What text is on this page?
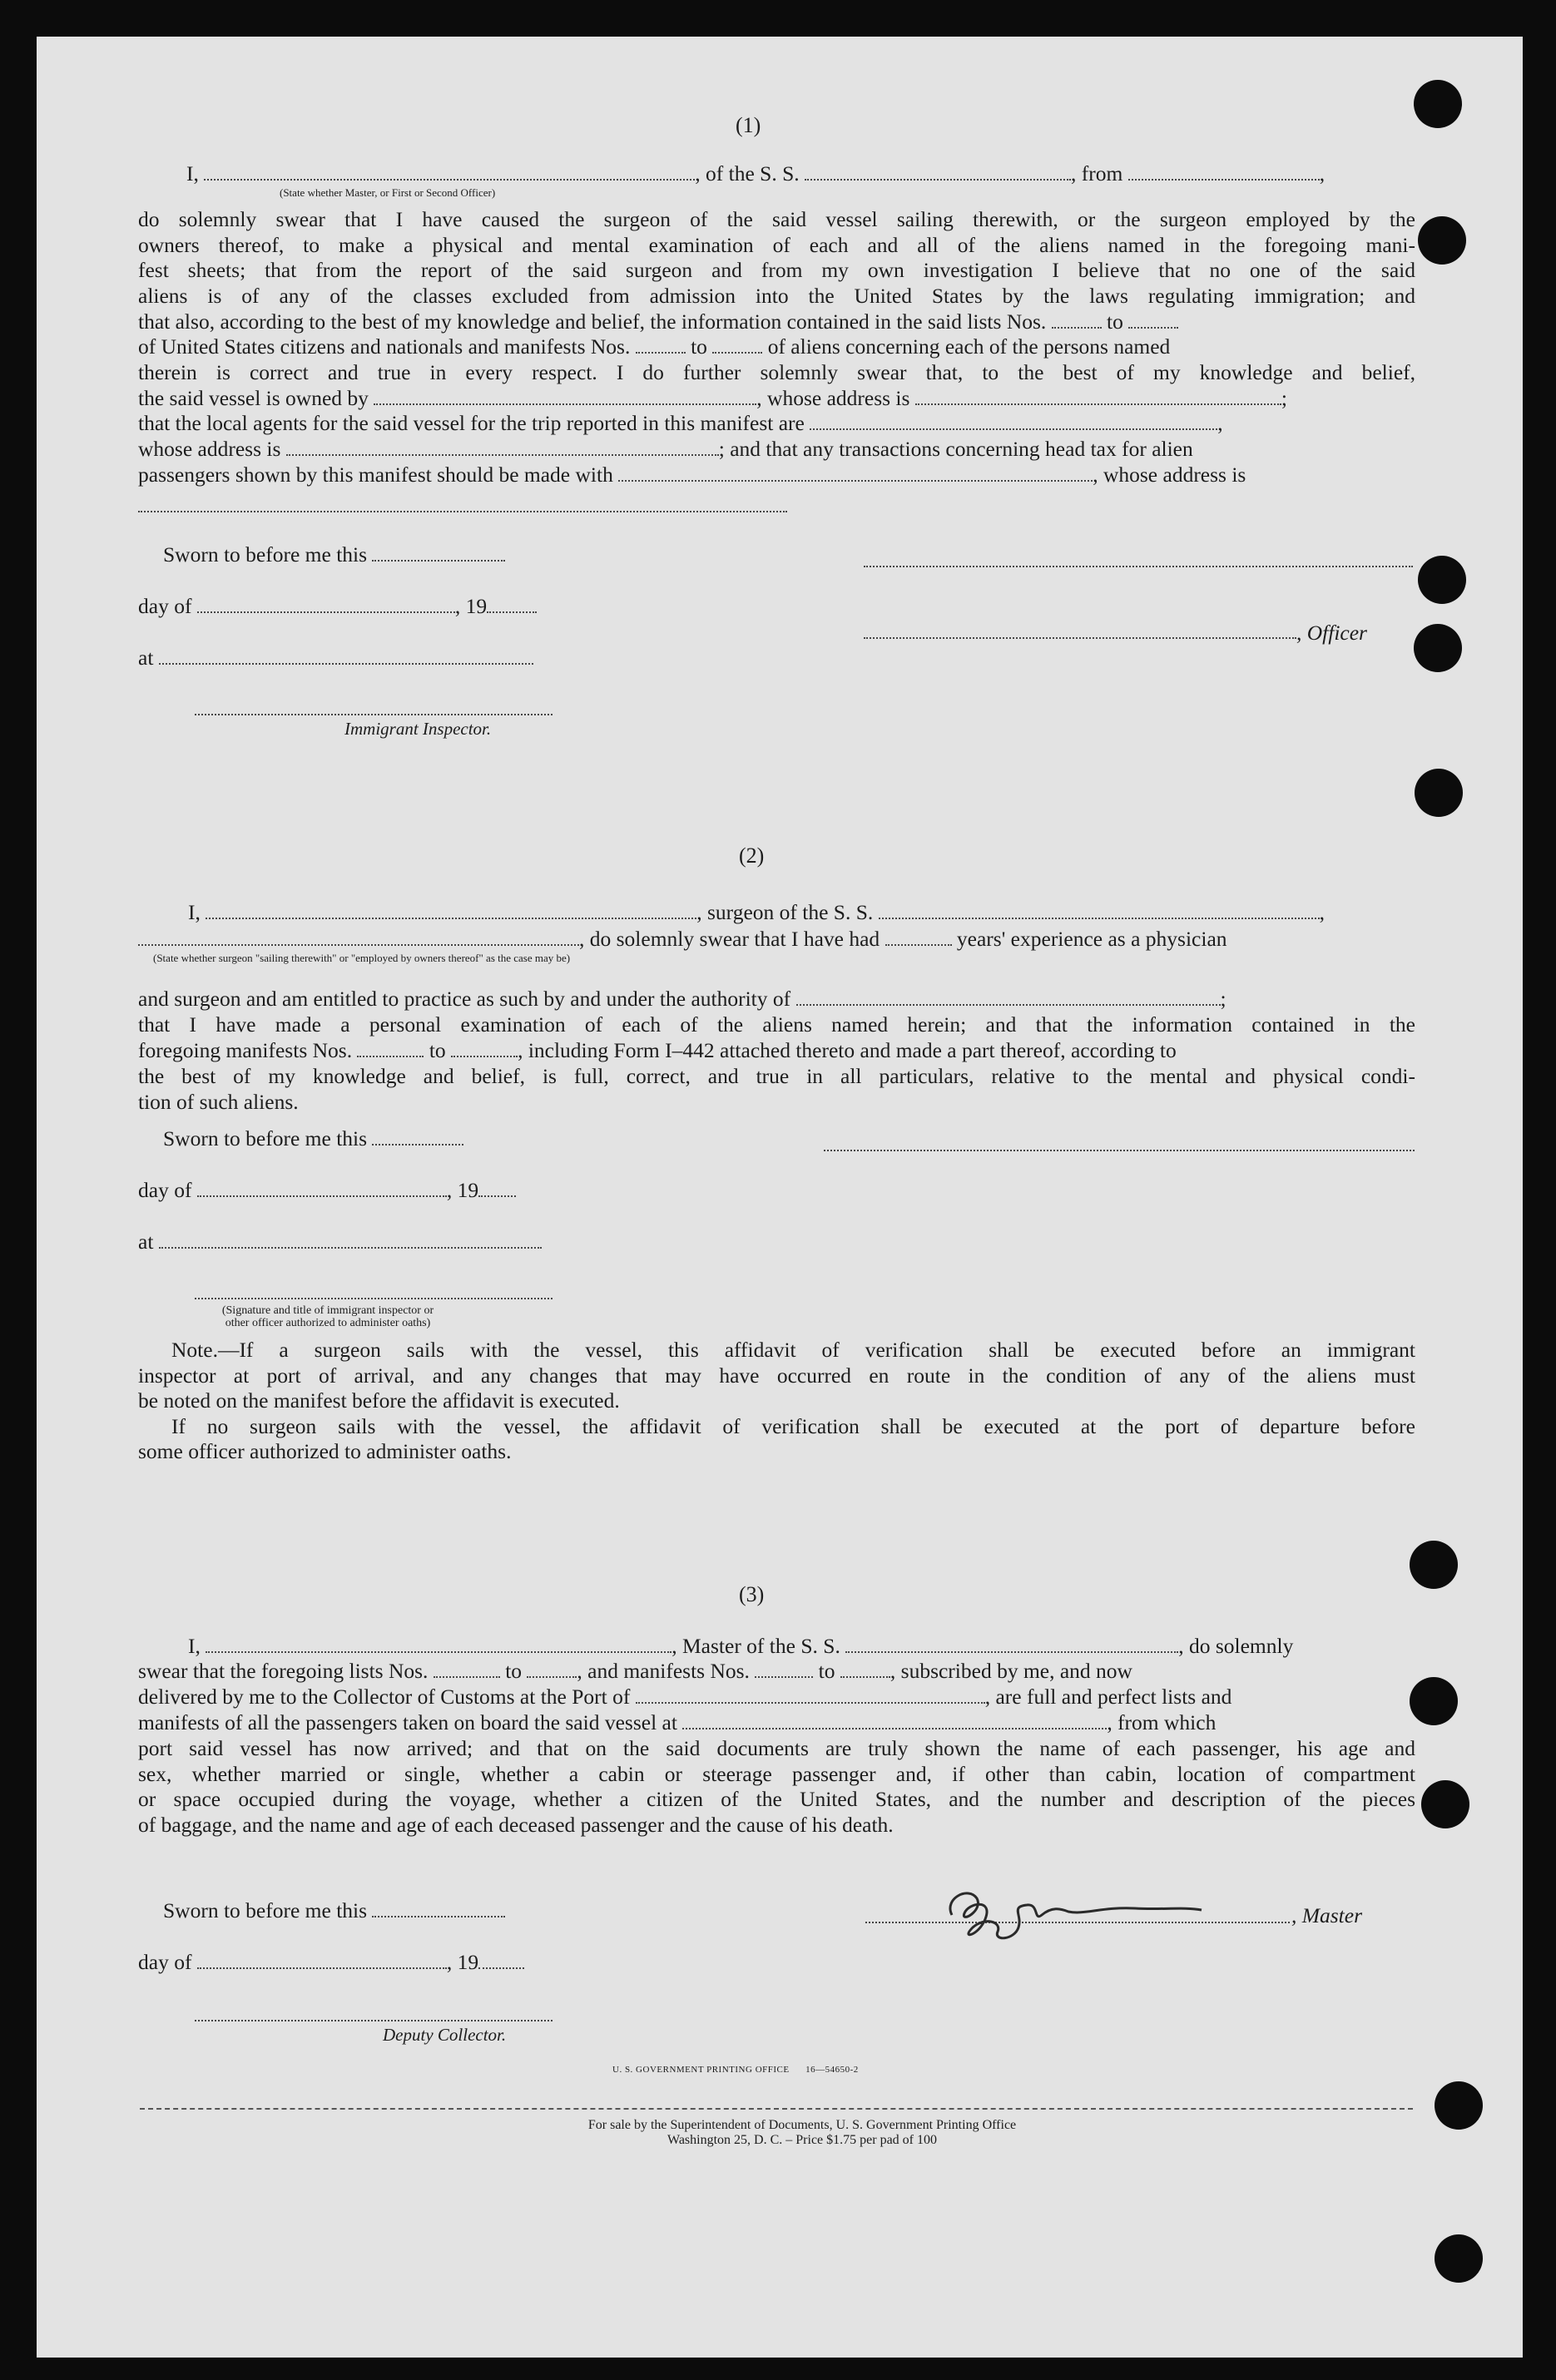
(1)
I,	, of the S. S.	, from	,
(State whether Master, or First or Second Officer)
do solemnly swear that I have caused the surgeon of the said vessel sailing therewith, or the surgeon employed by the
owners thereof, to make a physical and mental examination of each and all of the aliens named in the foregoing mani-
fest sheets; that from the report of the said surgeon and from my own investigation I believe that no one of the said
aliens is of any of the classes excluded from admission into the United States by the laws regulating immigration; and
that also, according to the best of my knowledge and belief, the information contained in the said lists Nos.	to
of United States citizens and nationals and manifests Nos.	to	of aliens concerning each of the persons named
therein is correct and true in every respect. I do further solemnly swear that, to the best of my knowledge and belief,
the said vessel is owned by	, whose address is	;
that the local agents for the said vessel for the trip reported in this manifest are	,
whose address is	; and that any transactions concerning head tax for alien
passengers shown by this manifest should be made with	, whose address is
Sworn to before me this
day of	, 19
, Officer
at
Immigrant Inspector.
(2)
I,	, surgeon of the S. S.	,
, do solemnly swear that I have had	years' experience as a physician
(State whether surgeon "sailing therewith" or "employed by owners thereof" as the case may be)
and surgeon and am entitled to practice as such by and under the authority of	;
that I have made a personal examination of each of the aliens named herein; and that the information contained in the
foregoing manifests Nos.	to	, including Form I–442 attached thereto and made a part thereof, according to
the best of my knowledge and belief, is full, correct, and true in all particulars, relative to the mental and physical condi-
tion of such aliens.
Sworn to before me this
day of	, 19
at
(Signature and title of immigrant inspector or
other officer authorized to administer oaths)
Note.—If a surgeon sails with the vessel, this affidavit of verification shall be executed before an immigrant
inspector at port of arrival, and any changes that may have occurred en route in the condition of any of the aliens must
be noted on the manifest before the affidavit is executed.
If no surgeon sails with the vessel, the affidavit of verification shall be executed at the port of departure before
some officer authorized to administer oaths.
(3)
I,	, Master of the S. S.	, do solemnly
swear that the foregoing lists Nos.	to	, and manifests Nos.	to	, subscribed by me, and now
delivered by me to the Collector of Customs at the Port of	, are full and perfect lists and
manifests of all the passengers taken on board the said vessel at	, from which
port said vessel has now arrived; and that on the said documents are truly shown the name of each passenger, his age and
sex, whether married or single, whether a cabin or steerage passenger and, if other than cabin, location of compartment
or space occupied during the voyage, whether a citizen of the United States, and the number and description of the pieces
of baggage, and the name and age of each deceased passenger and the cause of his death.
Sworn to before me this	, Master
day of	, 19
Deputy Collector.
U. S. GOVERNMENT PRINTING OFFICE      16—54650-2
For sale by the Superintendent of Documents, U. S. Government Printing Office
Washington 25, D. C. – Price $1.75 per pad of 100
